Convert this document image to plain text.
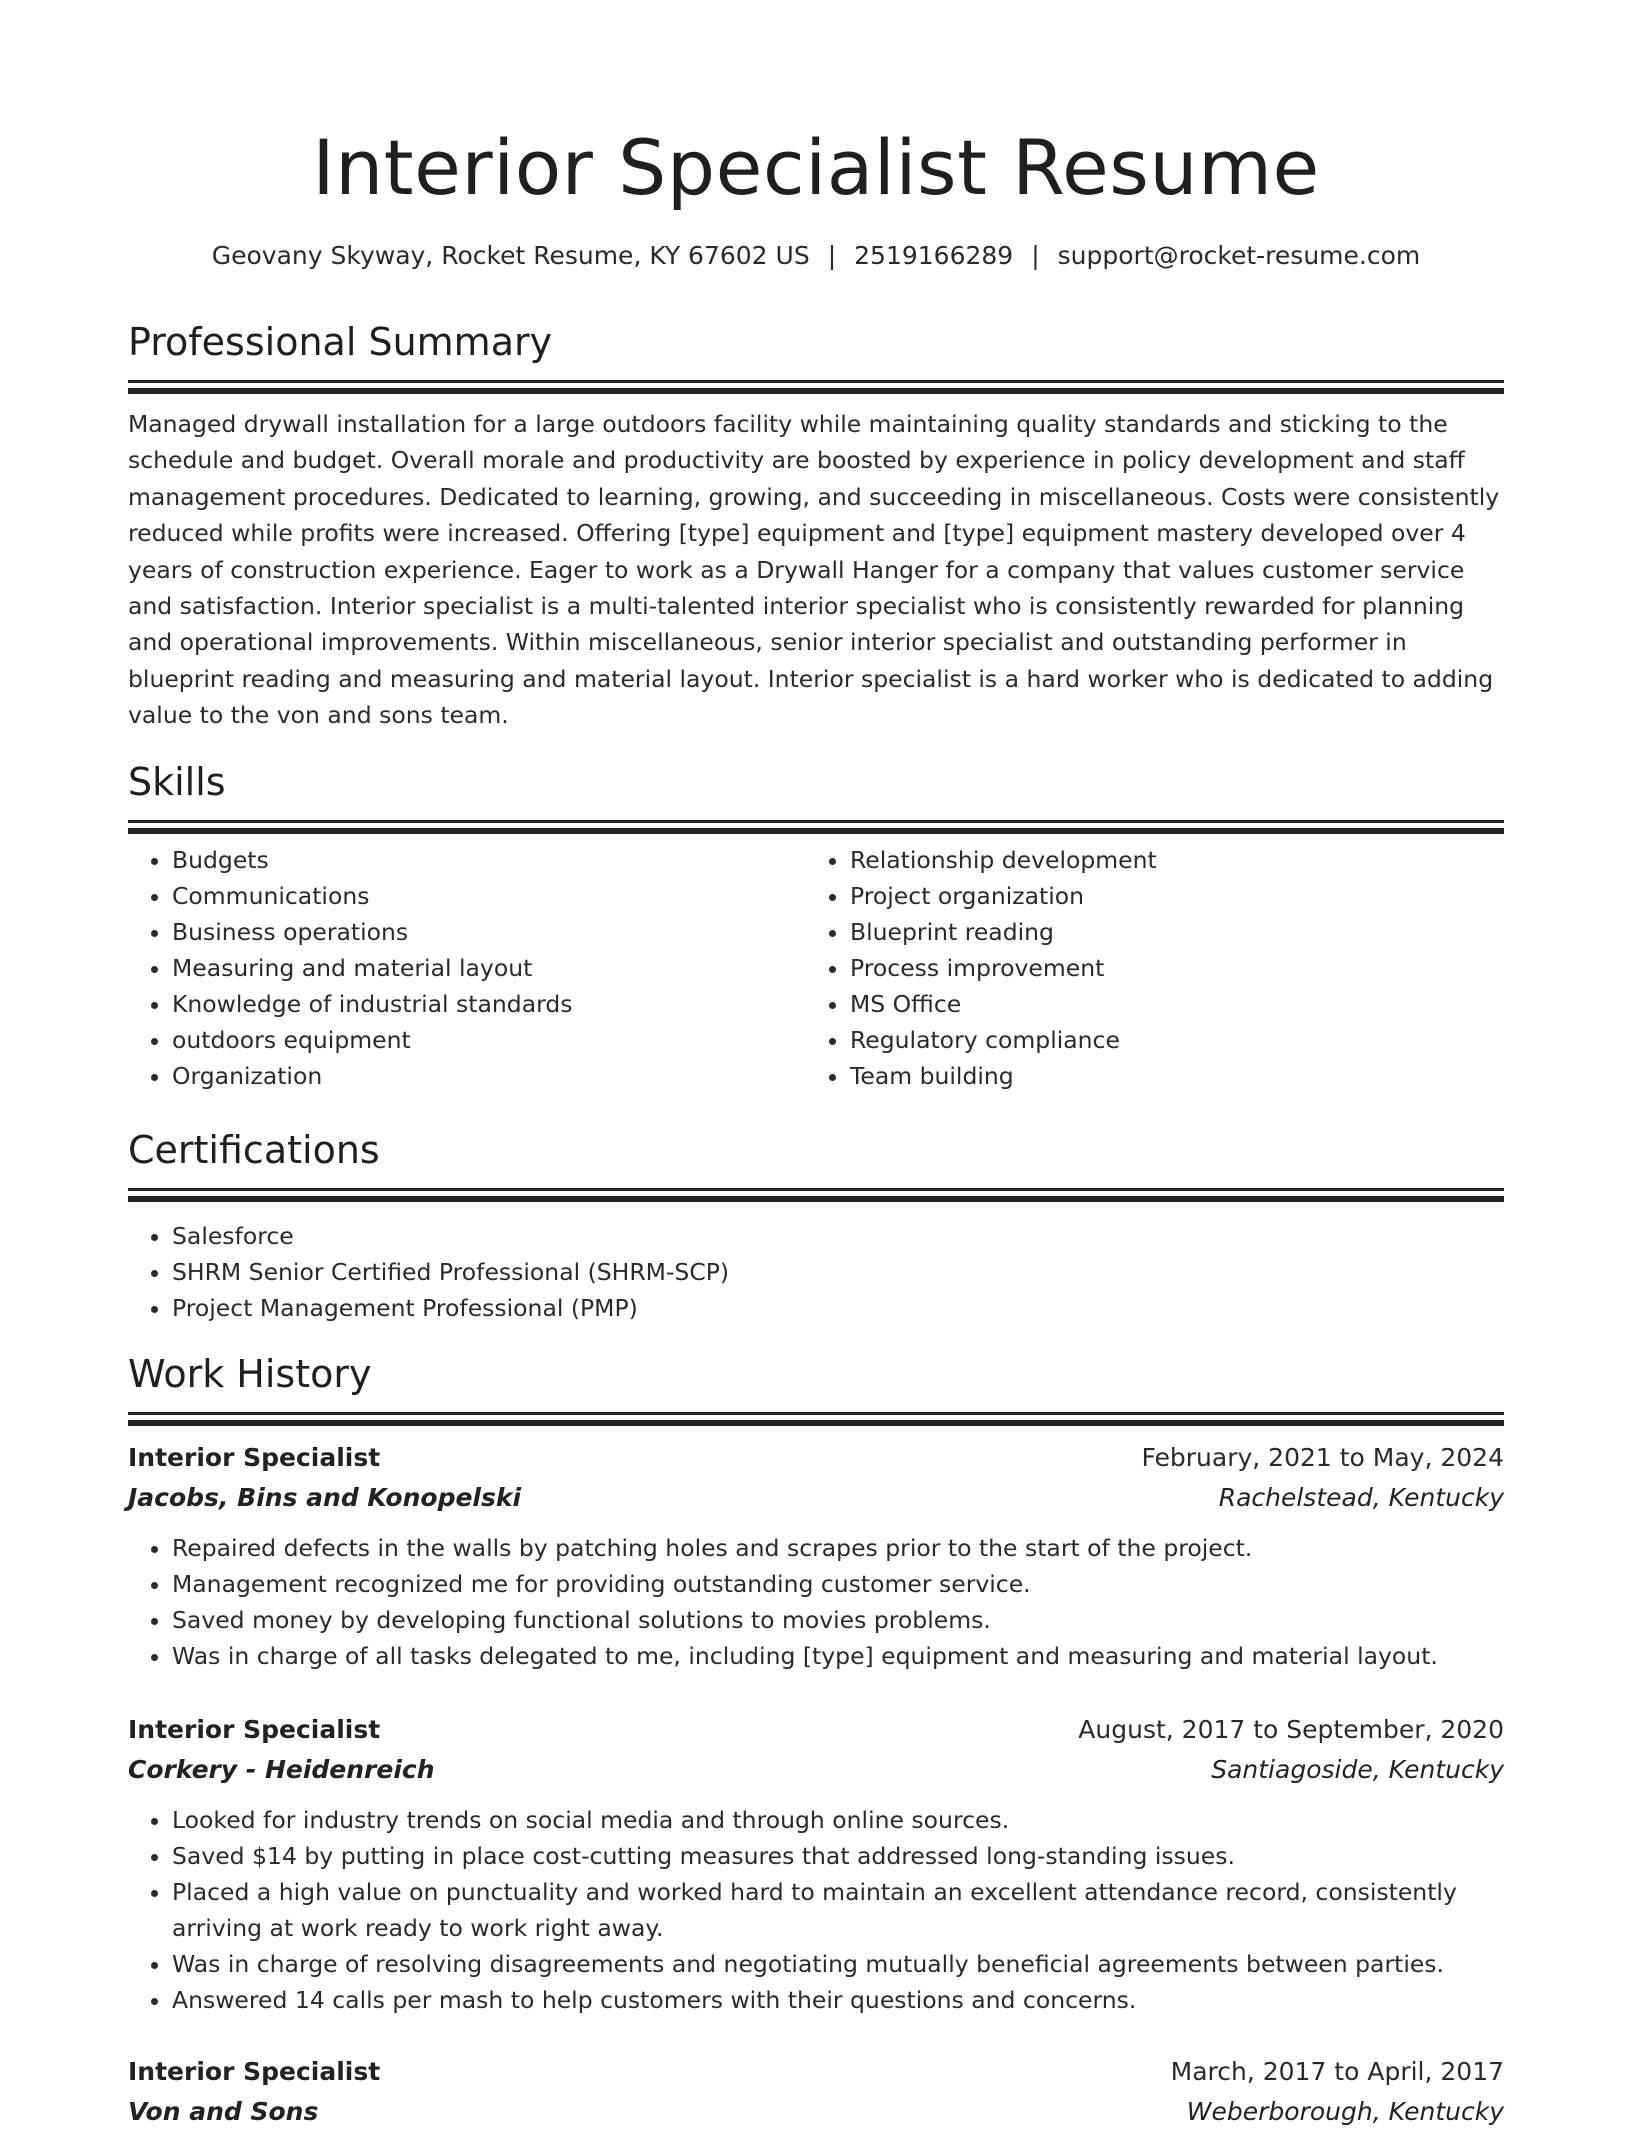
Interior Specialist Resume
Geovany Skyway, Rocket Resume, KY 67602 US | 2519166289 | support@rocket-resume.com
Professional Summary

Managed drywall installation for a large outdoors facility while maintaining quality standards and sticking to the schedule and budget. Overall morale and productivity are boosted by experience in policy development and staff management procedures. Dedicated to learning, growing, and succeeding in miscellaneous. Costs were consistently reduced while profits were increased. Offering [type] equipment and [type] equipment mastery developed over 4 years of construction experience. Eager to work as a Drywall Hanger for a company that values customer service and satisfaction. Interior specialist is a multi-talented interior specialist who is consistently rewarded for planning and operational improvements. Within miscellaneous, senior interior specialist and outstanding performer in blueprint reading and measuring and material layout. Interior specialist is a hard worker who is dedicated to adding value to the von and sons team.

Skills
• Budgets
• Communications
• Business operations
• Measuring and material layout
• Knowledge of industrial standards
• outdoors equipment
• Organization
• Relationship development
• Project organization
• Blueprint reading
• Process improvement
• MS Office
• Regulatory compliance
• Team building
Certifications
• Salesforce
• SHRM Senior Certified Professional (SHRM-SCP)
• Project Management Professional (PMP)
Work History
Interior Specialist	February, 2021 to May, 2024
Jacobs, Bins and Konopelski	Rachelstead, Kentucky
• Repaired defects in the walls by patching holes and scrapes prior to the start of the project.
• Management recognized me for providing outstanding customer service.
• Saved money by developing functional solutions to movies problems.
• Was in charge of all tasks delegated to me, including [type] equipment and measuring and material layout.
Interior Specialist	August, 2017 to September, 2020
Corkery - Heidenreich	Santiagoside, Kentucky
• Looked for industry trends on social media and through online sources.
• Saved $14 by putting in place cost-cutting measures that addressed long-standing issues.
• Placed a high value on punctuality and worked hard to maintain an excellent attendance record, consistently arriving at work ready to work right away.
• Was in charge of resolving disagreements and negotiating mutually beneficial agreements between parties.
• Answered 14 calls per mash to help customers with their questions and concerns.
Interior Specialist	March, 2017 to April, 2017
Von and Sons	Weberborough, Kentucky
